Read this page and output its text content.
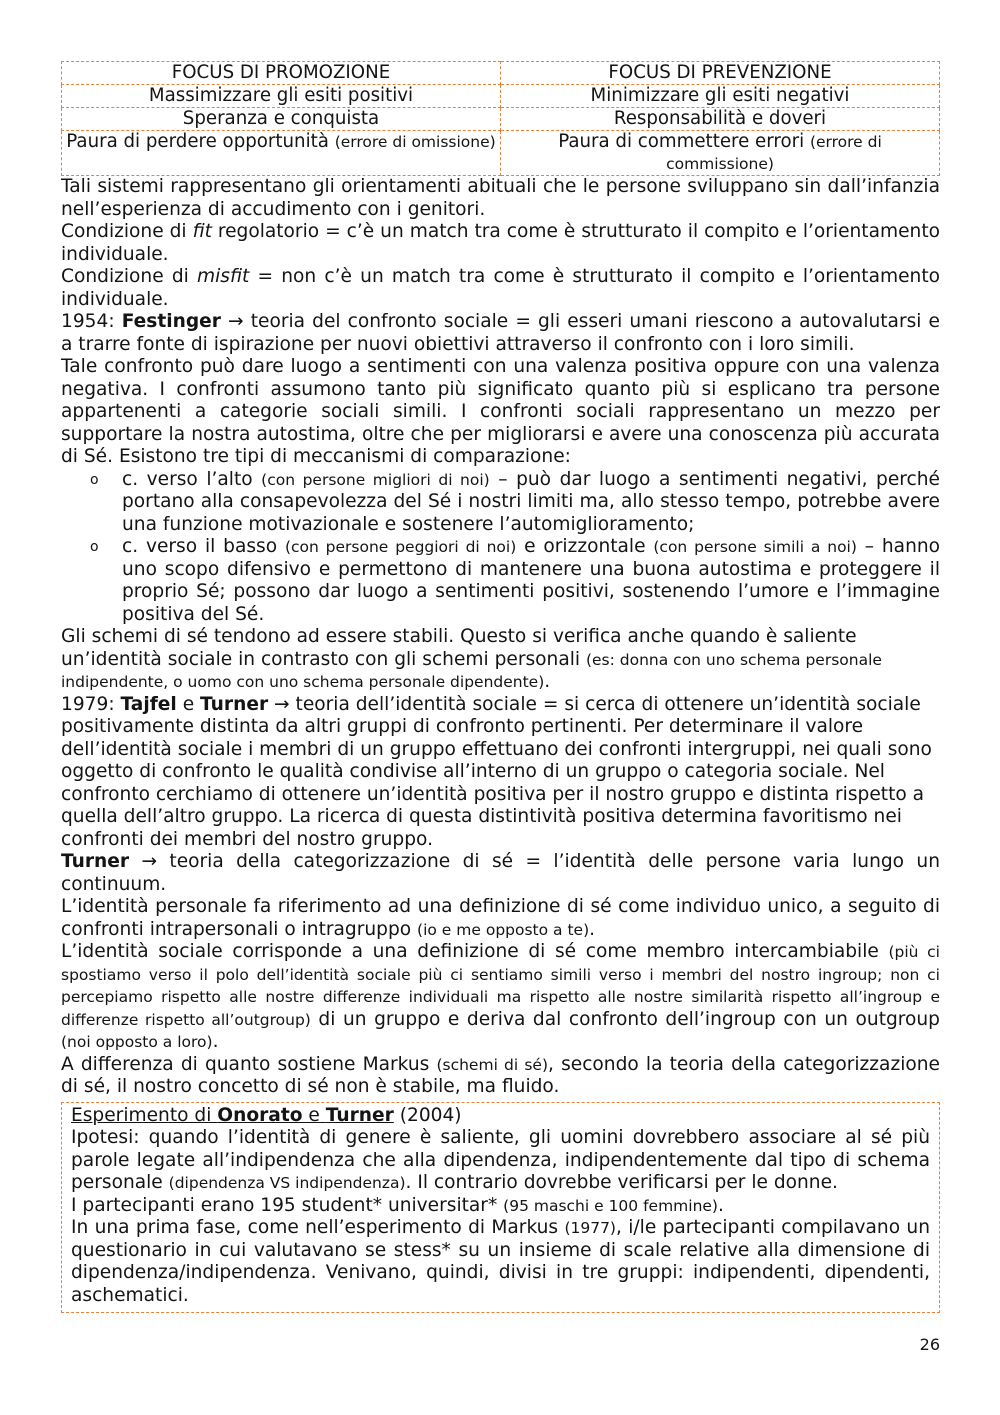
FOCUS DI PROMOZIONE	FOCUS DI PREVENZIONE
Massimizzare gli esiti positivi	Minimizzare gli esiti negativi
Speranza e conquista	Responsabilità e doveri
Paura di perdere opportunità (errore di omissione)	Paura di commettere errori (errore di commissione)

Tali sistemi rappresentano gli orientamenti abituali che le persone sviluppano sin dall’infanzia nell’esperienza di accudimento con i genitori.

Condizione di fit regolatorio = c’è un match tra come è strutturato il compito e l’orientamento individuale.

Condizione di misfit = non c’è un match tra come è strutturato il compito e l’orientamento individuale.

1954: Festinger → teoria del confronto sociale = gli esseri umani riescono a autovalutarsi e a trarre fonte di ispirazione per nuovi obiettivi attraverso il confronto con i loro simili.

Tale confronto può dare luogo a sentimenti con una valenza positiva oppure con una valenza negativa. I confronti assumono tanto più significato quanto più si esplicano tra persone appartenenti a categorie sociali simili. I confronti sociali rappresentano un mezzo per supportare la nostra autostima, oltre che per migliorarsi e avere una conoscenza più accurata di Sé. Esistono tre tipi di meccanismi di comparazione:

o c. verso l’alto (con persone migliori di noi) – può dar luogo a sentimenti negativi, perché portano alla consapevolezza del Sé i nostri limiti ma, allo stesso tempo, potrebbe avere una funzione motivazionale e sostenere l’automiglioramento;
o c. verso il basso (con persone peggiori di noi) e orizzontale (con persone simili a noi) – hanno uno scopo difensivo e permettono di mantenere una buona autostima e proteggere il proprio Sé; possono dar luogo a sentimenti positivi, sostenendo l’umore e l’immagine positiva del Sé.

Gli schemi di sé tendono ad essere stabili. Questo si verifica anche quando è saliente un’identità sociale in contrasto con gli schemi personali (es: donna con uno schema personale indipendente, o uomo con uno schema personale dipendente).

1979: Tajfel e Turner → teoria dell’identità sociale = si cerca di ottenere un’identità sociale positivamente distinta da altri gruppi di confronto pertinenti. Per determinare il valore dell’identità sociale i membri di un gruppo effettuano dei confronti intergruppi, nei quali sono oggetto di confronto le qualità condivise all’interno di un gruppo o categoria sociale. Nel confronto cerchiamo di ottenere un’identità positiva per il nostro gruppo e distinta rispetto a quella dell’altro gruppo. La ricerca di questa distintività positiva determina favoritismo nei confronti dei membri del nostro gruppo.

Turner → teoria della categorizzazione di sé = l’identità delle persone varia lungo un continuum.

L’identità personale fa riferimento ad una definizione di sé come individuo unico, a seguito di confronti intrapersonali o intragruppo (io e me opposto a te).

L’identità sociale corrisponde a una definizione di sé come membro intercambiabile (più ci spostiamo verso il polo dell’identità sociale più ci sentiamo simili verso i membri del nostro ingroup; non ci percepiamo rispetto alle nostre differenze individuali ma rispetto alle nostre similarità rispetto all’ingroup e differenze rispetto all’outgroup) di un gruppo e deriva dal confronto dell’ingroup con un outgroup (noi opposto a loro).

A differenza di quanto sostiene Markus (schemi di sé), secondo la teoria della categorizzazione di sé, il nostro concetto di sé non è stabile, ma fluido.

Esperimento di Onorato e Turner (2004)

Ipotesi: quando l’identità di genere è saliente, gli uomini dovrebbero associare al sé più parole legate all’indipendenza che alla dipendenza, indipendentemente dal tipo di schema personale (dipendenza VS indipendenza). Il contrario dovrebbe verificarsi per le donne.

I partecipanti erano 195 student* universitar* (95 maschi e 100 femmine).

In una prima fase, come nell’esperimento di Markus (1977), i/le partecipanti compilavano un questionario in cui valutavano se stess* su un insieme di scale relative alla dimensione di dipendenza/indipendenza. Venivano, quindi, divisi in tre gruppi: indipendenti, dipendenti, aschematici.

26
